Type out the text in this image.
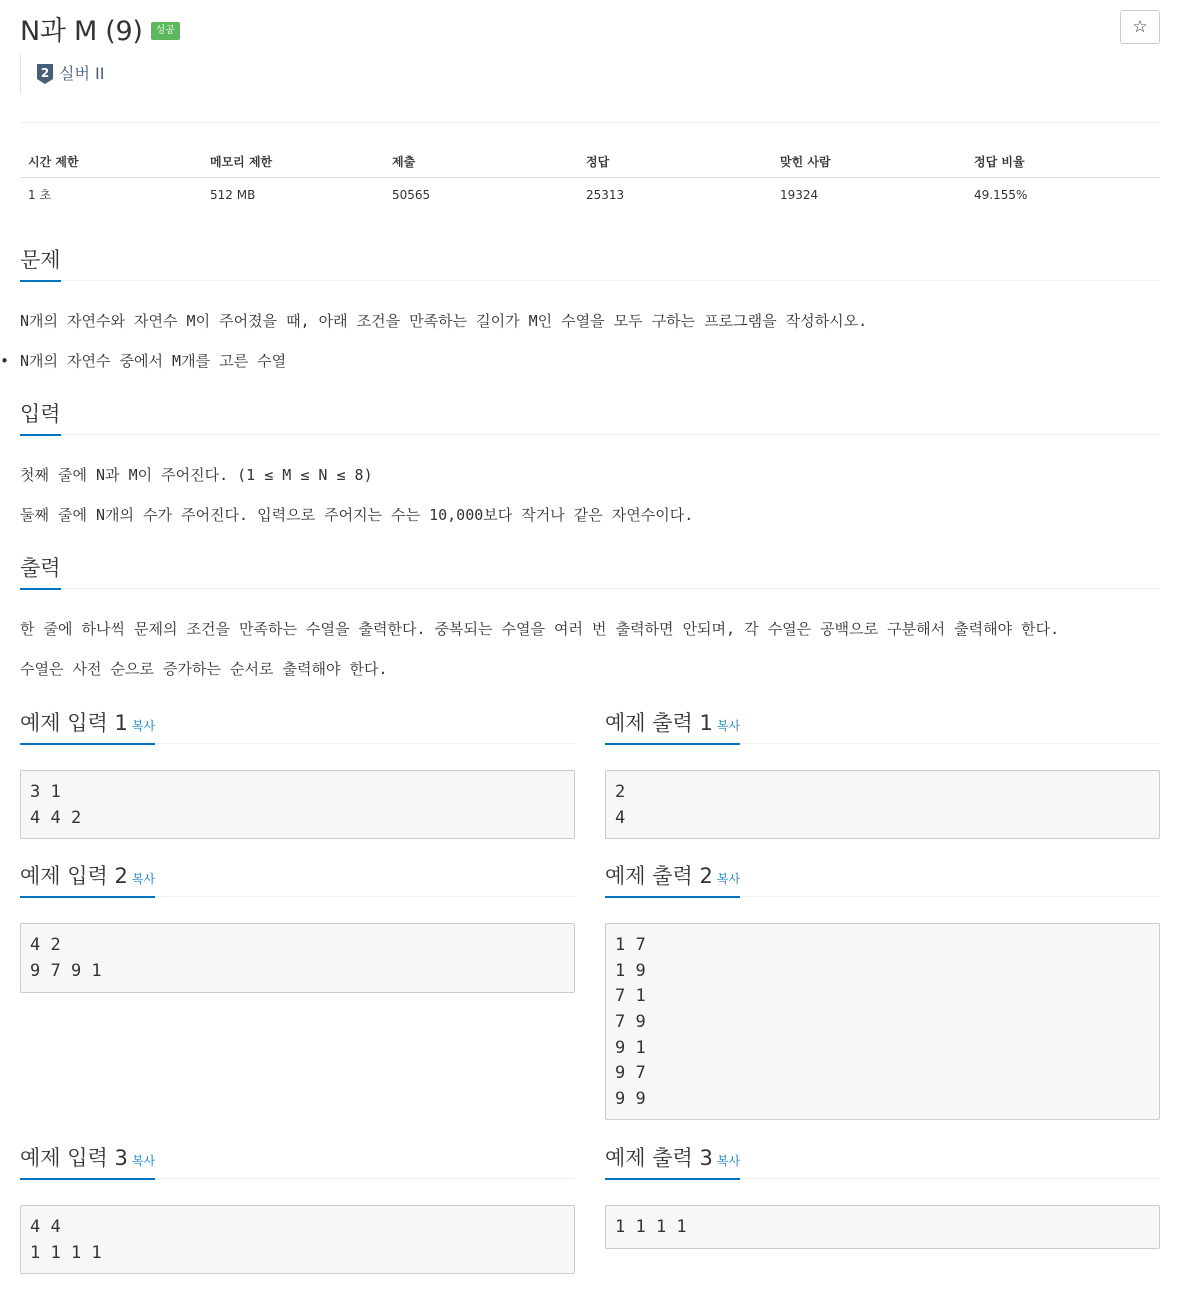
N과 M (9)	성공	☆
2 실버 II
시간 제한	메모리 제한	제출	정답	맞힌 사람	정답 비율
1 초	512 MB	50565	25313	19324	49.155%
문제
N개의 자연수와 자연수 M이 주어졌을 때, 아래 조건을 만족하는 길이가 M인 수열을 모두 구하는 프로그램을 작성하시오.
• N개의 자연수 중에서 M개를 고른 수열
입력
첫째 줄에 N과 M이 주어진다. (1 ≤ M ≤ N ≤ 8)
둘째 줄에 N개의 수가 주어진다. 입력으로 주어지는 수는 10,000보다 작거나 같은 자연수이다.
출력
한 줄에 하나씩 문제의 조건을 만족하는 수열을 출력한다. 중복되는 수열을 여러 번 출력하면 안되며, 각 수열은 공백으로 구분해서 출력해야 한다.
수열은 사전 순으로 증가하는 순서로 출력해야 한다.
예제 입력 1 복사	예제 출력 1 복사
3 1
4 4 2
2
4
예제 입력 2 복사	예제 출력 2 복사
4 2
9 7 9 1
1 7
1 9
7 1
7 9
9 1
9 7
9 9
예제 입력 3 복사	예제 출력 3 복사
4 4
1 1 1 1
1 1 1 1
